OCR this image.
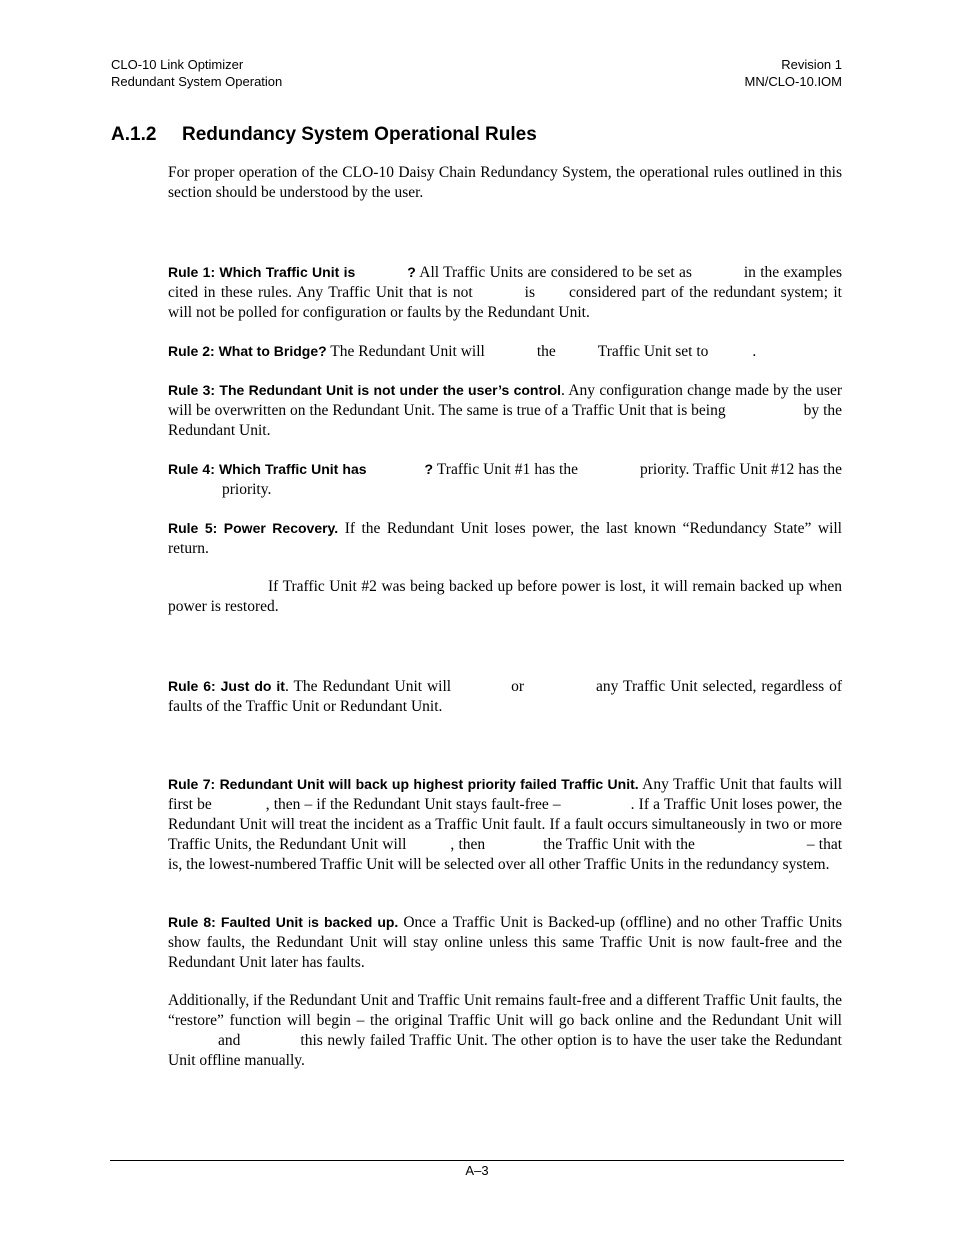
CLO-10 Link Optimizer
Redundant System Operation
Revision 1
MN/CLO-10.IOM
A.1.2 Redundancy System Operational Rules

For proper operation of the CLO-10 Daisy Chain Redundancy System, the operational rules outlined in this section should be understood by the user.

Rule 1: Which Traffic Unit is	? All Traffic Units are considered to be set as	in the examples cited in these rules. Any Traffic Unit that is not	is considered part of the redundant system; it will not be polled for configuration or faults by the Redundant Unit.

Rule 2: What to Bridge? The Redundant Unit will	the	Traffic Unit set to	.

Rule 3: The Redundant Unit is not under the user’s control. Any configuration change made by the user will be overwritten on the Redundant Unit. The same is true of a Traffic Unit that is being	by the Redundant Unit.

Rule 4: Which Traffic Unit has	? Traffic Unit #1 has the	priority. Traffic Unit #12 has thepriority.

Rule 5: Power Recovery. If the Redundant Unit loses power, the last known “Redundancy State” will return.

If Traffic Unit #2 was being backed up before power is lost, it will remain backed up when power is restored.

Rule 6: Just do it. The Redundant Unit will	or	any Traffic Unit selected, regardless of faults of the Traffic Unit or Redundant Unit.

Rule 7: Redundant Unit will back up highest priority failed Traffic Unit. Any Traffic Unit that faults will first be	, then – if the Redundant Unit stays fault-free –	. If a Traffic Unit loses power, the Redundant Unit will treat the incident as a Traffic Unit fault. If a fault occurs simultaneously in two or more Traffic Units, the Redundant Unit will	, then	the Traffic Unit with the	– that is, the lowest-numbered Traffic Unit will be selected over all other Traffic Units in the redundancy system.

Rule 8: Faulted Unit is backed up. Once a Traffic Unit is Backed-up (offline) and no other Traffic Units show faults, the Redundant Unit will stay online unless this same Traffic Unit is now fault-free and the Redundant Unit later has faults.

Additionally, if the Redundant Unit and Traffic Unit remains fault-free and a different Traffic Unit faults, the “restore” function will begin – the original Traffic Unit will go back online and the Redundant Unit willand	this newly failed Traffic Unit. The other option is to have the user take the Redundant Unit offline manually.

A–3
